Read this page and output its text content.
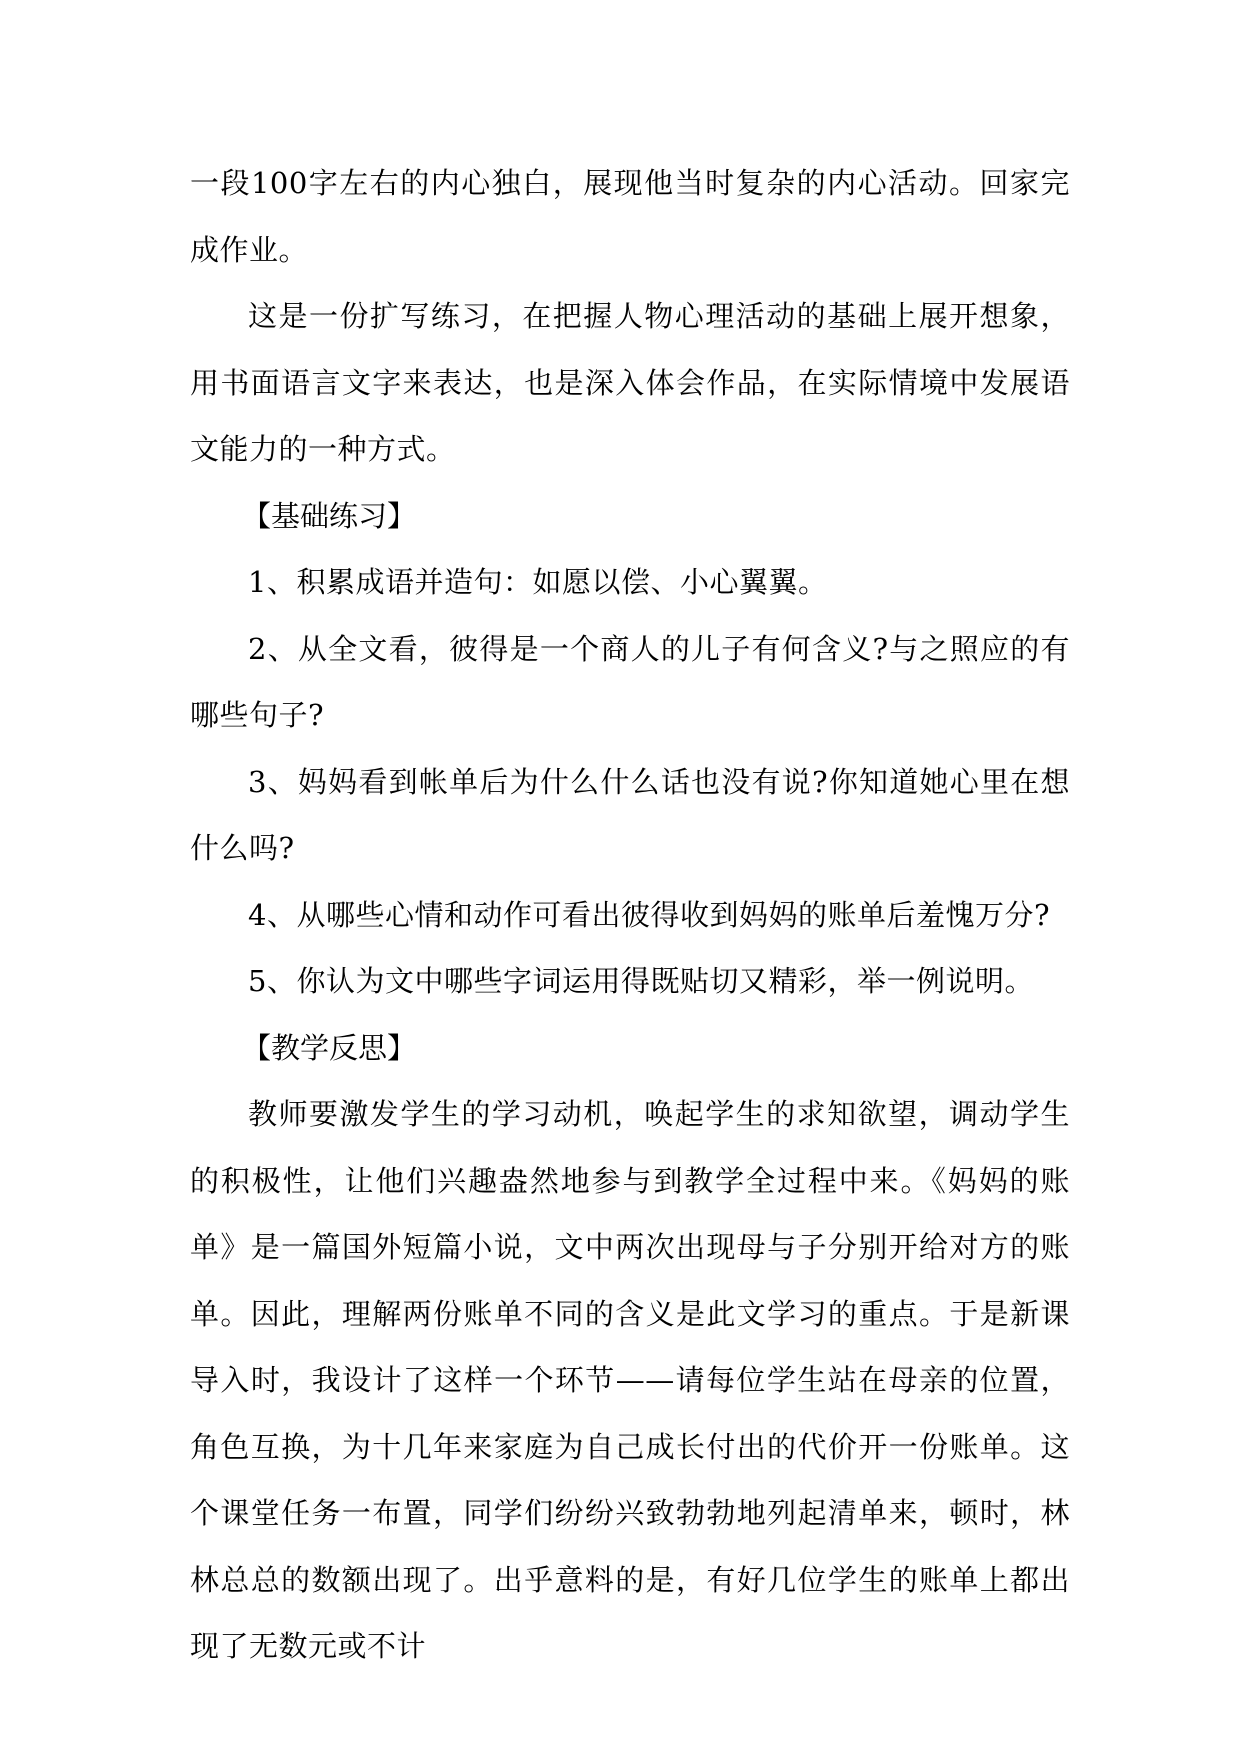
一段100字左右的内心独白，展现他当时复杂的内心活动。回家完成作业。

这是一份扩写练习，在把握人物心理活动的基础上展开想象，用书面语言文字来表达，也是深入体会作品，在实际情境中发展语文能力的一种方式。

【基础练习】

1、积累成语并造句：如愿以偿、小心翼翼。

2、从全文看，彼得是一个商人的儿子有何含义?与之照应的有哪些句子?

3、妈妈看到帐单后为什么什么话也没有说?你知道她心里在想什么吗?

4、从哪些心情和动作可看出彼得收到妈妈的账单后羞愧万分?

5、你认为文中哪些字词运用得既贴切又精彩，举一例说明。

【教学反思】

教师要激发学生的学习动机，唤起学生的求知欲望，调动学生的积极性，让他们兴趣盎然地参与到教学全过程中来。《妈妈的账单》是一篇国外短篇小说，文中两次出现母与子分别开给对方的账单。因此，理解两份账单不同的含义是此文学习的重点。于是新课导入时，我设计了这样一个环节——请每位学生站在母亲的位置，角色互换，为十几年来家庭为自己成长付出的代价开一份账单。这个课堂任务一布置，同学们纷纷兴致勃勃地列起清单来，顿时，林林总总的数额出现了。出乎意料的是，有好几位学生的账单上都出现了无数元或不计
